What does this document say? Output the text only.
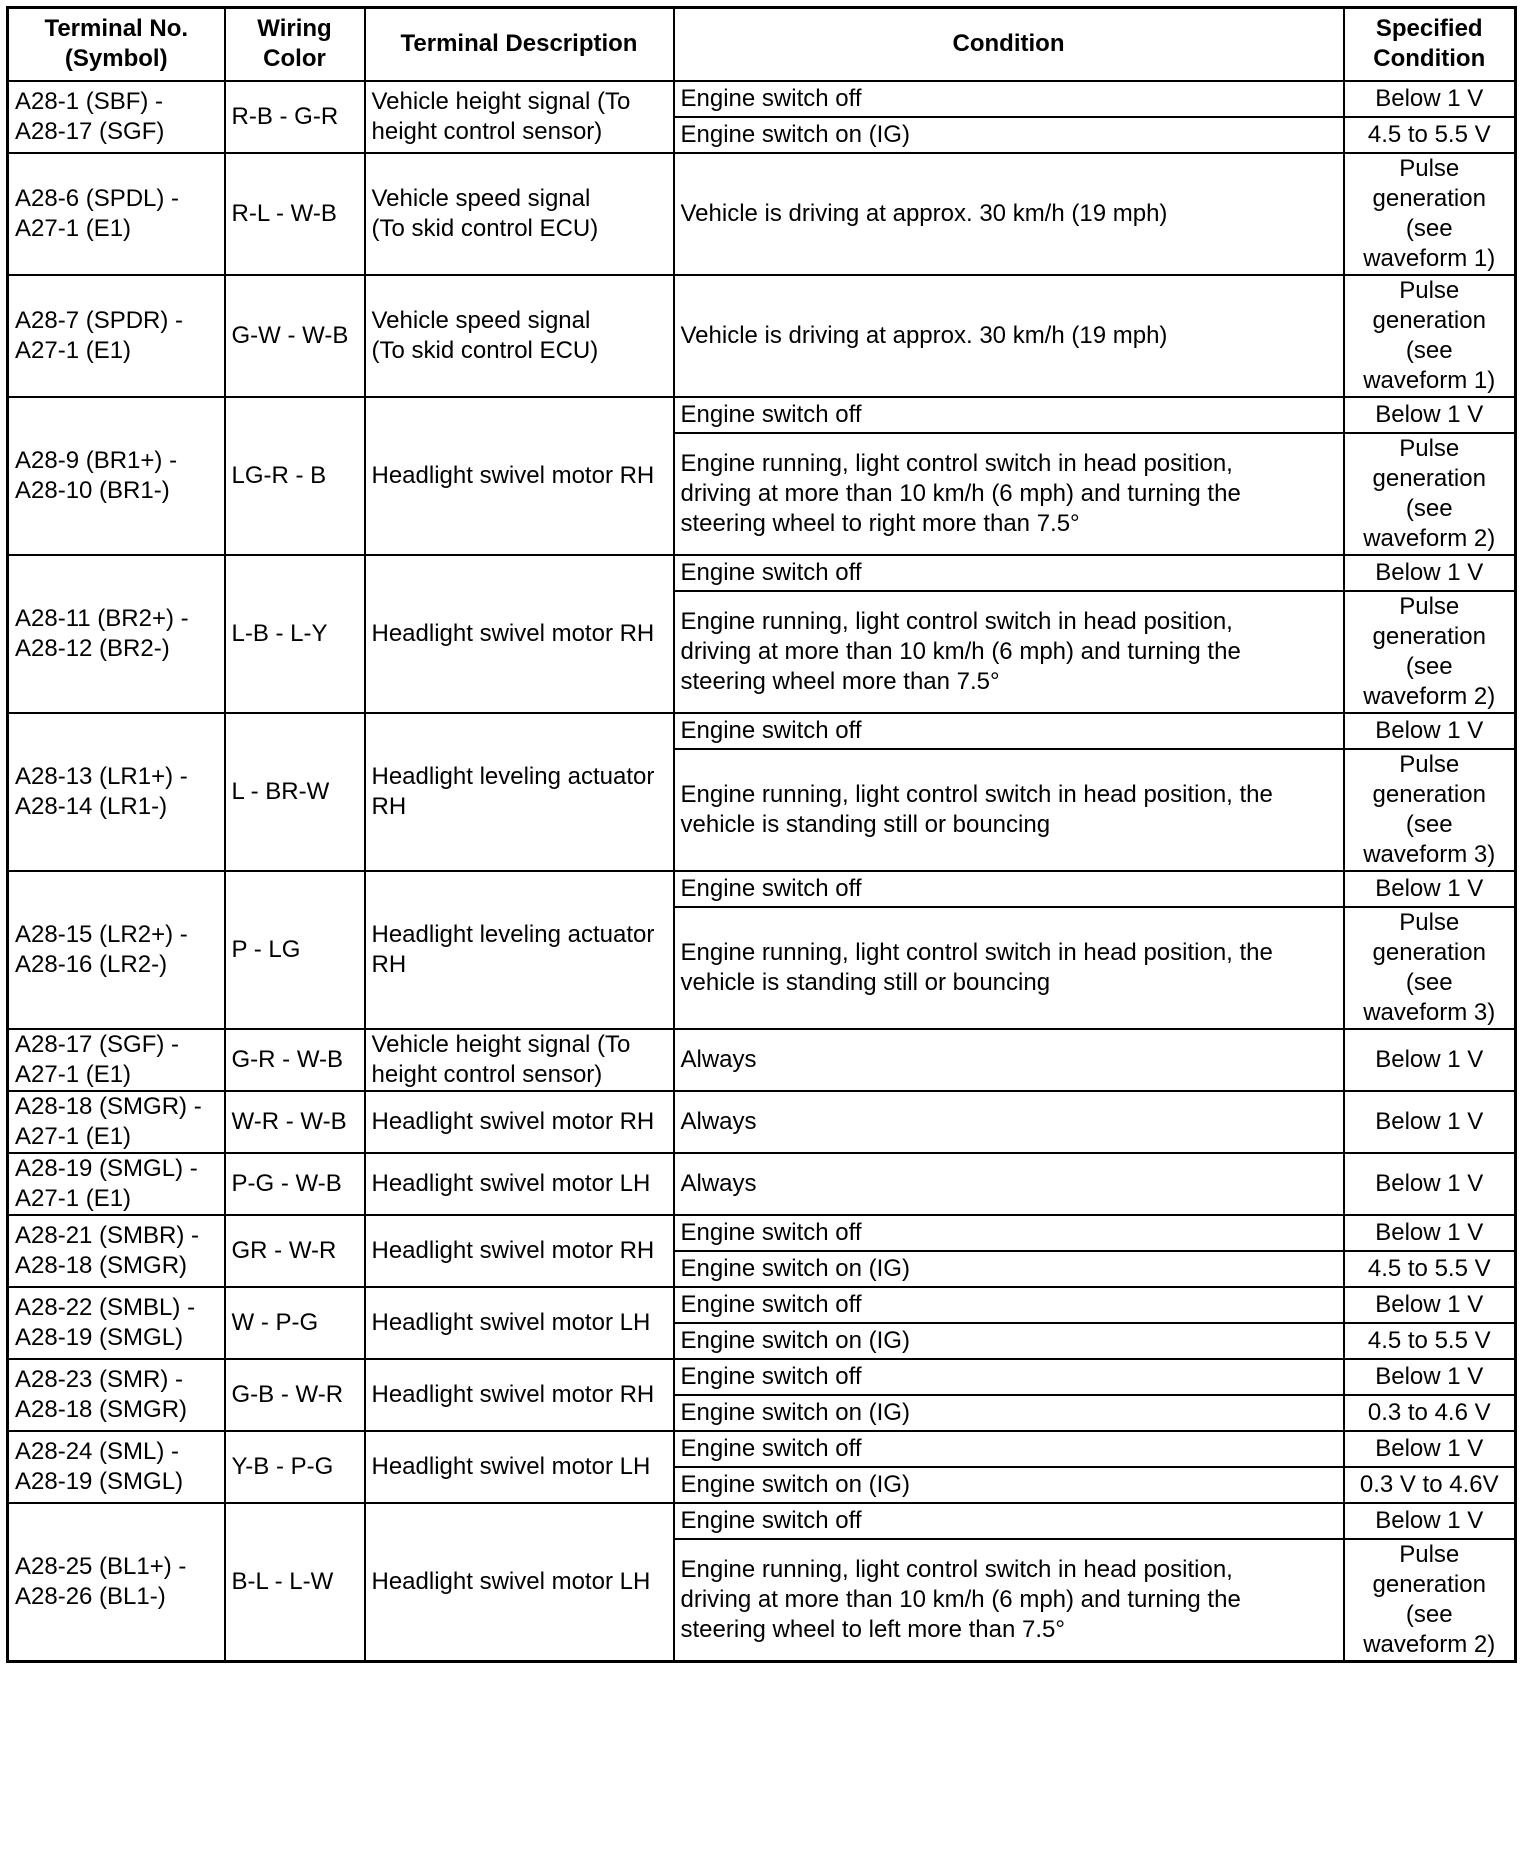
Terminal No.
(Symbol)	Wiring
Color	Terminal Description	Condition	Specified
Condition

A28-1 (SBF) -
A28-17 (SGF)	R-B - G-R	Vehicle height signal (To
height control sensor)	Engine switch off	Below 1 V

			Engine switch on (IG)	4.5 to 5.5 V

A28-6 (SPDL) -
A27-1 (E1)	R-L - W-B	Vehicle speed signal
(To skid control ECU)	Vehicle is driving at approx. 30 km/h (19 mph)	Pulse
generation
(see
waveform 1)

A28-7 (SPDR) -
A27-1 (E1)	G-W - W-B	Vehicle speed signal
(To skid control ECU)	Vehicle is driving at approx. 30 km/h (19 mph)	Pulse
generation
(see
waveform 1)

A28-9 (BR1+) -
A28-10 (BR1-)	LG-R - B	Headlight swivel motor RH	Engine switch off	Below 1 V

			Engine running, light control switch in head position,
driving at more than 10 km/h (6 mph) and turning the
steering wheel to right more than 7.5°	Pulse
generation
(see
waveform 2)

A28-11 (BR2+) -
A28-12 (BR2-)	L-B - L-Y	Headlight swivel motor RH	Engine switch off	Below 1 V

			Engine running, light control switch in head position,
driving at more than 10 km/h (6 mph) and turning the
steering wheel more than 7.5°	Pulse
generation
(see
waveform 2)

A28-13 (LR1+) -
A28-14 (LR1-)	L - BR-W	Headlight leveling actuator
RH	Engine switch off	Below 1 V

			Engine running, light control switch in head position, the
vehicle is standing still or bouncing	Pulse
generation
(see
waveform 3)

A28-15 (LR2+) -
A28-16 (LR2-)	P - LG	Headlight leveling actuator
RH	Engine switch off	Below 1 V

			Engine running, light control switch in head position, the
vehicle is standing still or bouncing	Pulse
generation
(see
waveform 3)

A28-17 (SGF) -
A27-1 (E1)	G-R - W-B	Vehicle height signal (To
height control sensor)	Always	Below 1 V

A28-18 (SMGR) -
A27-1 (E1)	W-R - W-B	Headlight swivel motor RH	Always	Below 1 V

A28-19 (SMGL) -
A27-1 (E1)	P-G - W-B	Headlight swivel motor LH	Always	Below 1 V

A28-21 (SMBR) -
A28-18 (SMGR)	GR - W-R	Headlight swivel motor RH	Engine switch off	Below 1 V

			Engine switch on (IG)	4.5 to 5.5 V

A28-22 (SMBL) -
A28-19 (SMGL)	W - P-G	Headlight swivel motor LH	Engine switch off	Below 1 V

			Engine switch on (IG)	4.5 to 5.5 V

A28-23 (SMR) -
A28-18 (SMGR)	G-B - W-R	Headlight swivel motor RH	Engine switch off	Below 1 V

			Engine switch on (IG)	0.3 to 4.6 V

A28-24 (SML) -
A28-19 (SMGL)	Y-B - P-G	Headlight swivel motor LH	Engine switch off	Below 1 V

			Engine switch on (IG)	0.3 V to 4.6V

A28-25 (BL1+) -
A28-26 (BL1-)	B-L - L-W	Headlight swivel motor LH	Engine switch off	Below 1 V

			Engine running, light control switch in head position,
driving at more than 10 km/h (6 mph) and turning the
steering wheel to left more than 7.5°	Pulse
generation
(see
waveform 2)
